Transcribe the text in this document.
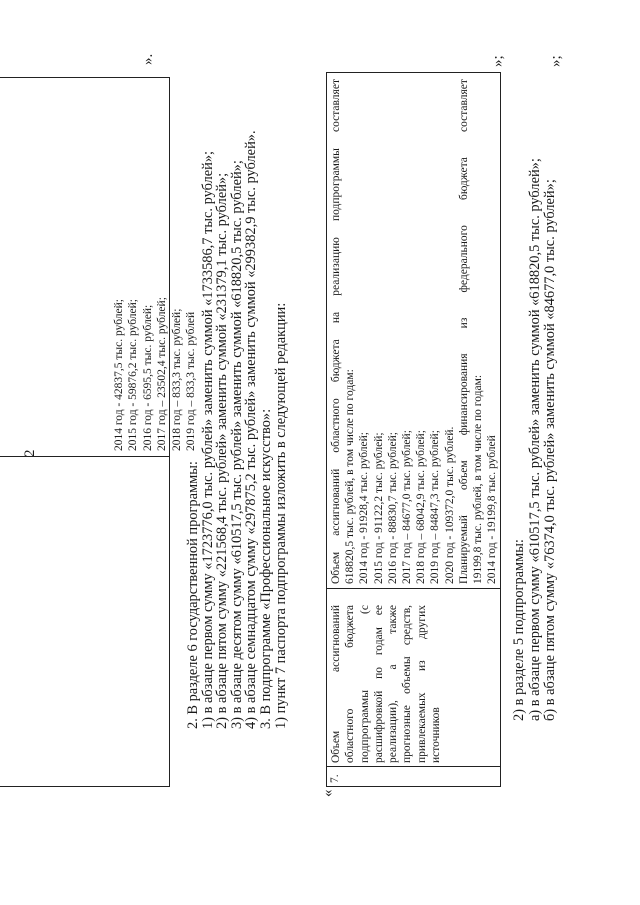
2
2014 год - 42837,5 тыс. рублей; 2015 год - 59876,2 тыс. рублей; 2016 год - 6595,5 тыс. рублей; 2017 год – 23502,4 тыс. рублей; 2018 год – 833,3 тыс. рублей; 2019 год – 833,3 тыс. рублей
».
2. В разделе 6 государственной программы:
1) в абзаце первом сумму «1723776,0 тыс. рублей» заменить суммой «1733586,7 тыс. рублей»;
2) в абзаце пятом сумму «221568,4 тыс. рублей» заменить суммой «231379,1 тыс. рублей»;
3) в абзаце десятом сумму «610517,5 тыс. рублей» заменить суммой «618820,5 тыс. рублей»;
4) в абзаце семнадцатом сумму «297875,2 тыс. рублей» заменить суммой «299382,9 тыс. рублей».
3. В подпрограмме «Профессиональное искусство»:
1) пункт 7 паспорта подпрограммы изложить в следующей редакции:
«
7.
Объем ассигнований областного бюджета подпрограммы (с расшифровкой по годам ее реализации), а также прогнозные объемы средств, привлекаемых из других источников
Объем
ассигнований
областного
бюджета
на
реализацию
подпрограммы
составляет
618820,5 тыс. рублей, в том числе по годам: 2014 год - 91928,4 тыс. рублей; 2015 год - 91122,2 тыс. рублей; 2016 год - 88830,7 тыс. рублей; 2017 год – 84677,0 тыс. рублей; 2018 год – 68042,9 тыс. рублей; 2019 год – 84847,3 тыс. рублей; 2020 год - 109372,0 тыс. рублей. Планируемый
объем
финансирования
из
федерального
бюджета
составляет
19199,8 тыс. рублей, в том числе по годам: 2014 год - 19199,8 тыс. рублей
»;
2) в разделе 5 подпрограммы: а) в абзаце первом сумму «610517,5 тыс. рублей» заменить суммой «618820,5 тыс. рублей»; б) в абзаце пятом сумму «76374,0 тыс. рублей» заменить суммой «84677,0 тыс. рублей»;
»;
